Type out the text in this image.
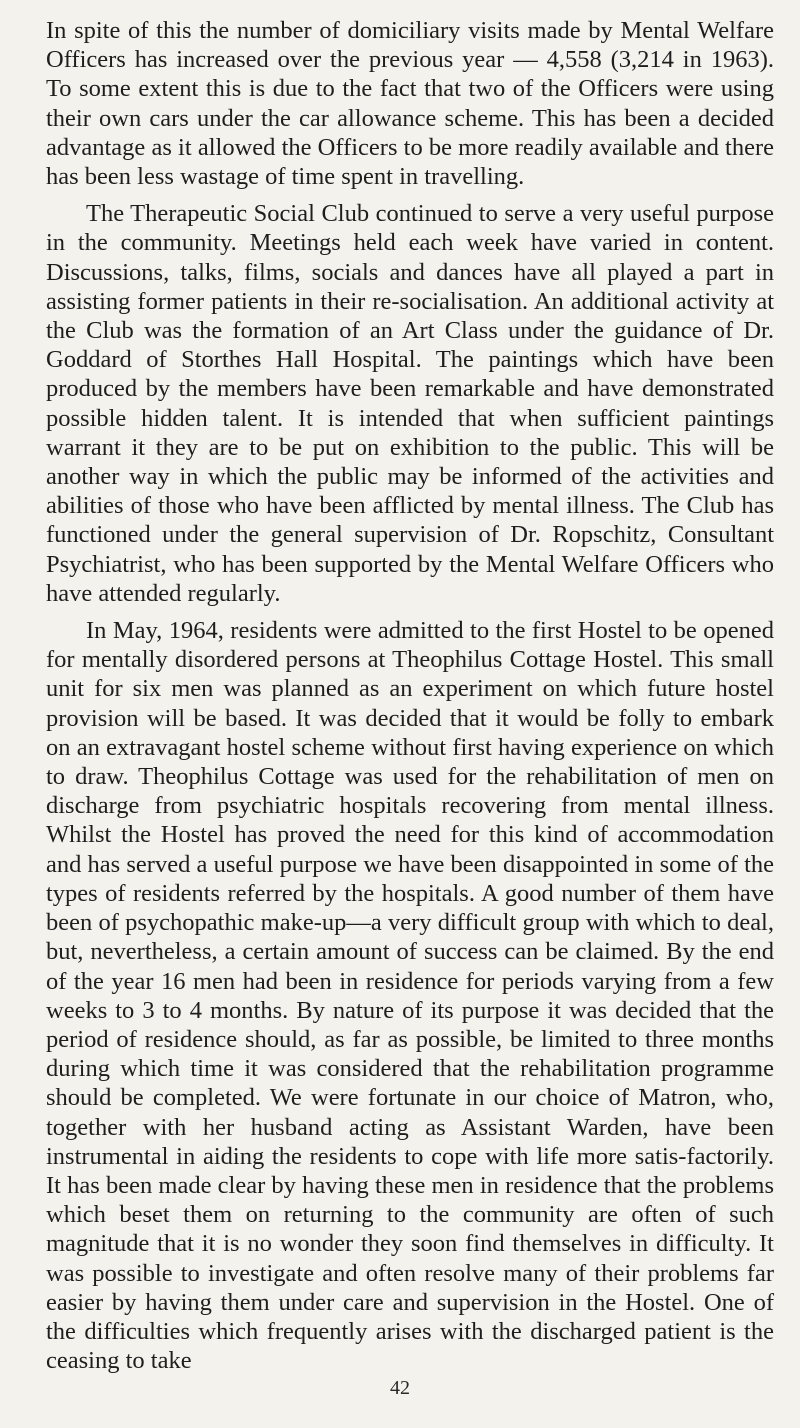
In spite of this the number of domiciliary visits made by Mental Welfare Officers has increased over the previous year — 4,558 (3,214 in 1963). To some extent this is due to the fact that two of the Officers were using their own cars under the car allowance scheme. This has been a decided advantage as it allowed the Officers to be more readily available and there has been less wastage of time spent in travelling.

The Therapeutic Social Club continued to serve a very useful purpose in the community. Meetings held each week have varied in content. Discussions, talks, films, socials and dances have all played a part in assisting former patients in their re-socialisation. An additional activity at the Club was the formation of an Art Class under the guidance of Dr. Goddard of Storthes Hall Hospital. The paintings which have been produced by the members have been remarkable and have demonstrated possible hidden talent. It is intended that when sufficient paintings warrant it they are to be put on exhibition to the public. This will be another way in which the public may be informed of the activities and abilities of those who have been afflicted by mental illness. The Club has functioned under the general supervision of Dr. Ropschitz, Consultant Psychiatrist, who has been supported by the Mental Welfare Officers who have attended regularly.

In May, 1964, residents were admitted to the first Hostel to be opened for mentally disordered persons at Theophilus Cottage Hostel. This small unit for six men was planned as an experiment on which future hostel provision will be based. It was decided that it would be folly to embark on an extravagant hostel scheme without first having experience on which to draw. Theophilus Cottage was used for the rehabilitation of men on discharge from psychiatric hospitals recovering from mental illness. Whilst the Hostel has proved the need for this kind of accommodation and has served a useful purpose we have been disappointed in some of the types of residents referred by the hospitals. A good number of them have been of psychopathic make-up—a very difficult group with which to deal, but, nevertheless, a certain amount of success can be claimed. By the end of the year 16 men had been in residence for periods varying from a few weeks to 3 to 4 months. By nature of its purpose it was decided that the period of residence should, as far as possible, be limited to three months during which time it was considered that the rehabilitation programme should be completed. We were fortunate in our choice of Matron, who, together with her husband acting as Assistant Warden, have been instrumental in aiding the residents to cope with life more satis-factorily. It has been made clear by having these men in residence that the problems which beset them on returning to the community are often of such magnitude that it is no wonder they soon find themselves in difficulty. It was possible to investigate and often resolve many of their problems far easier by having them under care and supervision in the Hostel. One of the difficulties which frequently arises with the discharged patient is the ceasing to take

42
